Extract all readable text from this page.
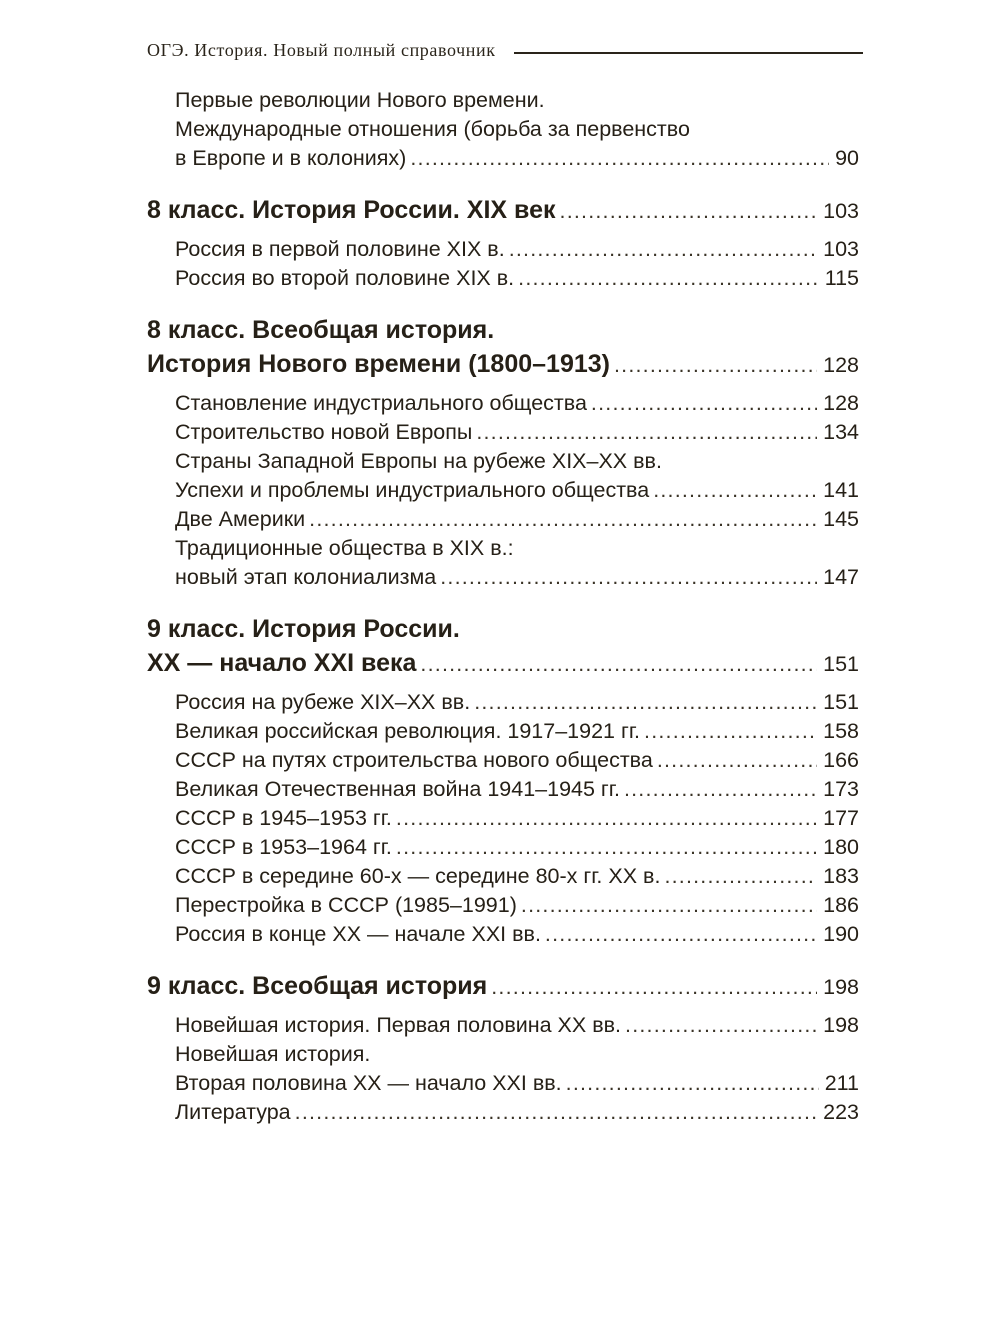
ОГЭ. История. Новый полный справочник
Первые революции Нового времени.
Международные отношения (борьба за первенство
в Европе и в колониях) .....	90
8 класс. История России. XIX век .....	103
Россия в первой половине XIX в. .....	103
Россия во второй половине XIX в. .....	115
8 класс. Всеобщая история.
История Нового времени (1800–1913) .....	128
Становление индустриального общества .....	128
Строительство новой Европы .....	134
Страны Западной Европы на рубеже XIX–XX вв.
Успехи и проблемы индустриального общества .....	141
Две Америки .....	145
Традиционные общества в XIX в.:
новый этап колониализма .....	147
9 класс. История России.
XX — начало XXI века .....	151
Россия на рубеже XIX–XX вв. .....	151
Великая российская революция. 1917–1921 гг. .....	158
СССР на путях строительства нового общества .....	166
Великая Отечественная война 1941–1945 гг. .....	173
СССР в 1945–1953 гг. .....	177
СССР в 1953–1964 гг. .....	180
СССР в середине 60-х — середине 80-х гг. XX в. .....	183
Перестройка в СССР (1985–1991) .....	186
Россия в конце XX — начале XXI вв. .....	190
9 класс. Всеобщая история .....	198
Новейшая история. Первая половина XX вв. .....	198
Новейшая история.
Вторая половина XX — начало XXI вв. .....	211
Литература .....	223
